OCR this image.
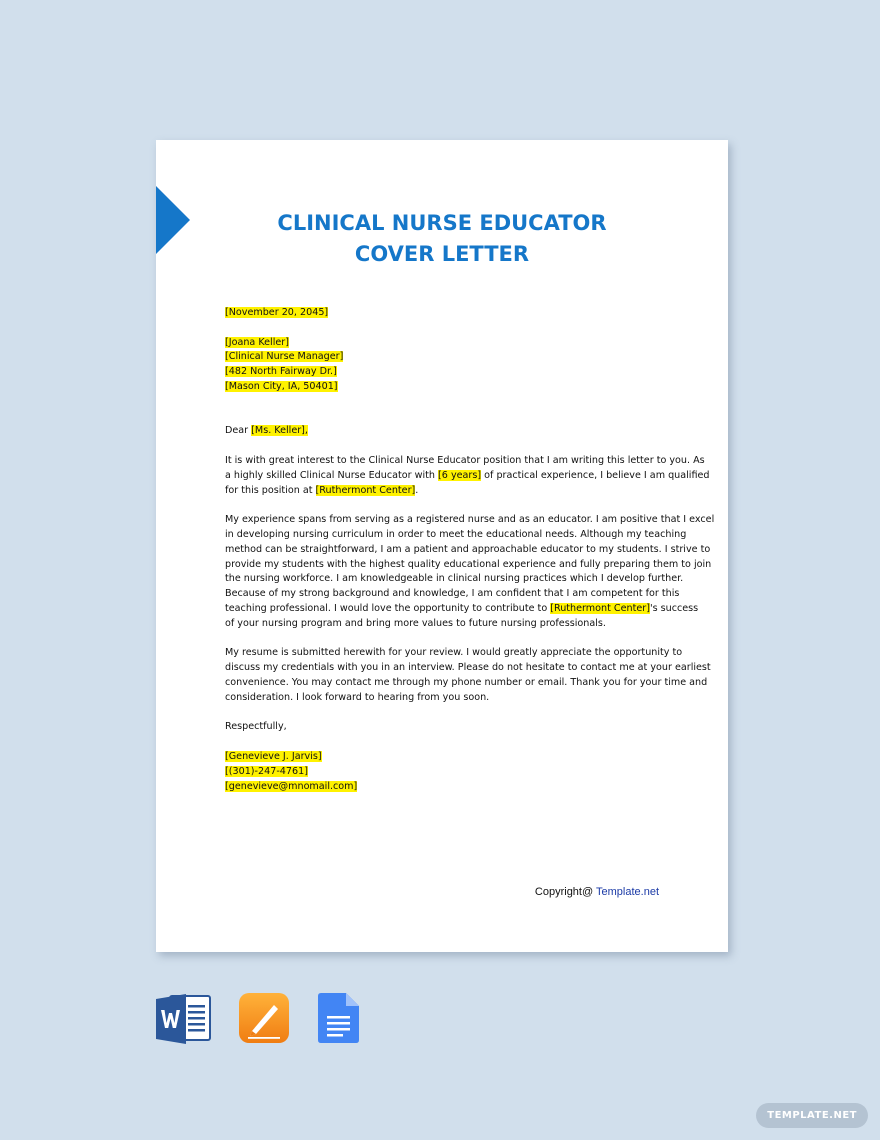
CLINICAL NURSE EDUCATOR
COVER LETTER
[November 20, 2045]
[Joana Keller]
[Clinical Nurse Manager]
[482 North Fairway Dr.]
[Mason City, IA, 50401]
Dear [Ms. Keller],
It is with great interest to the Clinical Nurse Educator position that I am writing this letter to you. As
a highly skilled Clinical Nurse Educator with [6 years] of practical experience, I believe I am qualified
for this position at [Ruthermont Center].
My experience spans from serving as a registered nurse and as an educator. I am positive that I excel
in developing nursing curriculum in order to meet the educational needs. Although my teaching
method can be straightforward, I am a patient and approachable educator to my students. I strive to
provide my students with the highest quality educational experience and fully preparing them to join
the nursing workforce. I am knowledgeable in clinical nursing practices which I develop further.
Because of my strong background and knowledge, I am confident that I am competent for this
teaching professional. I would love the opportunity to contribute to [Ruthermont Center]'s success
of your nursing program and bring more values to future nursing professionals.
My resume is submitted herewith for your review. I would greatly appreciate the opportunity to
discuss my credentials with you in an interview. Please do not hesitate to contact me at your earliest
convenience. You may contact me through my phone number or email. Thank you for your time and
consideration. I look forward to hearing from you soon.
Respectfully,
[Genevieve J. Jarvis]
[(301)-247-4761]
[genevieve@mnomail.com]
Copyright@ Template.net
TEMPLATE.NET
